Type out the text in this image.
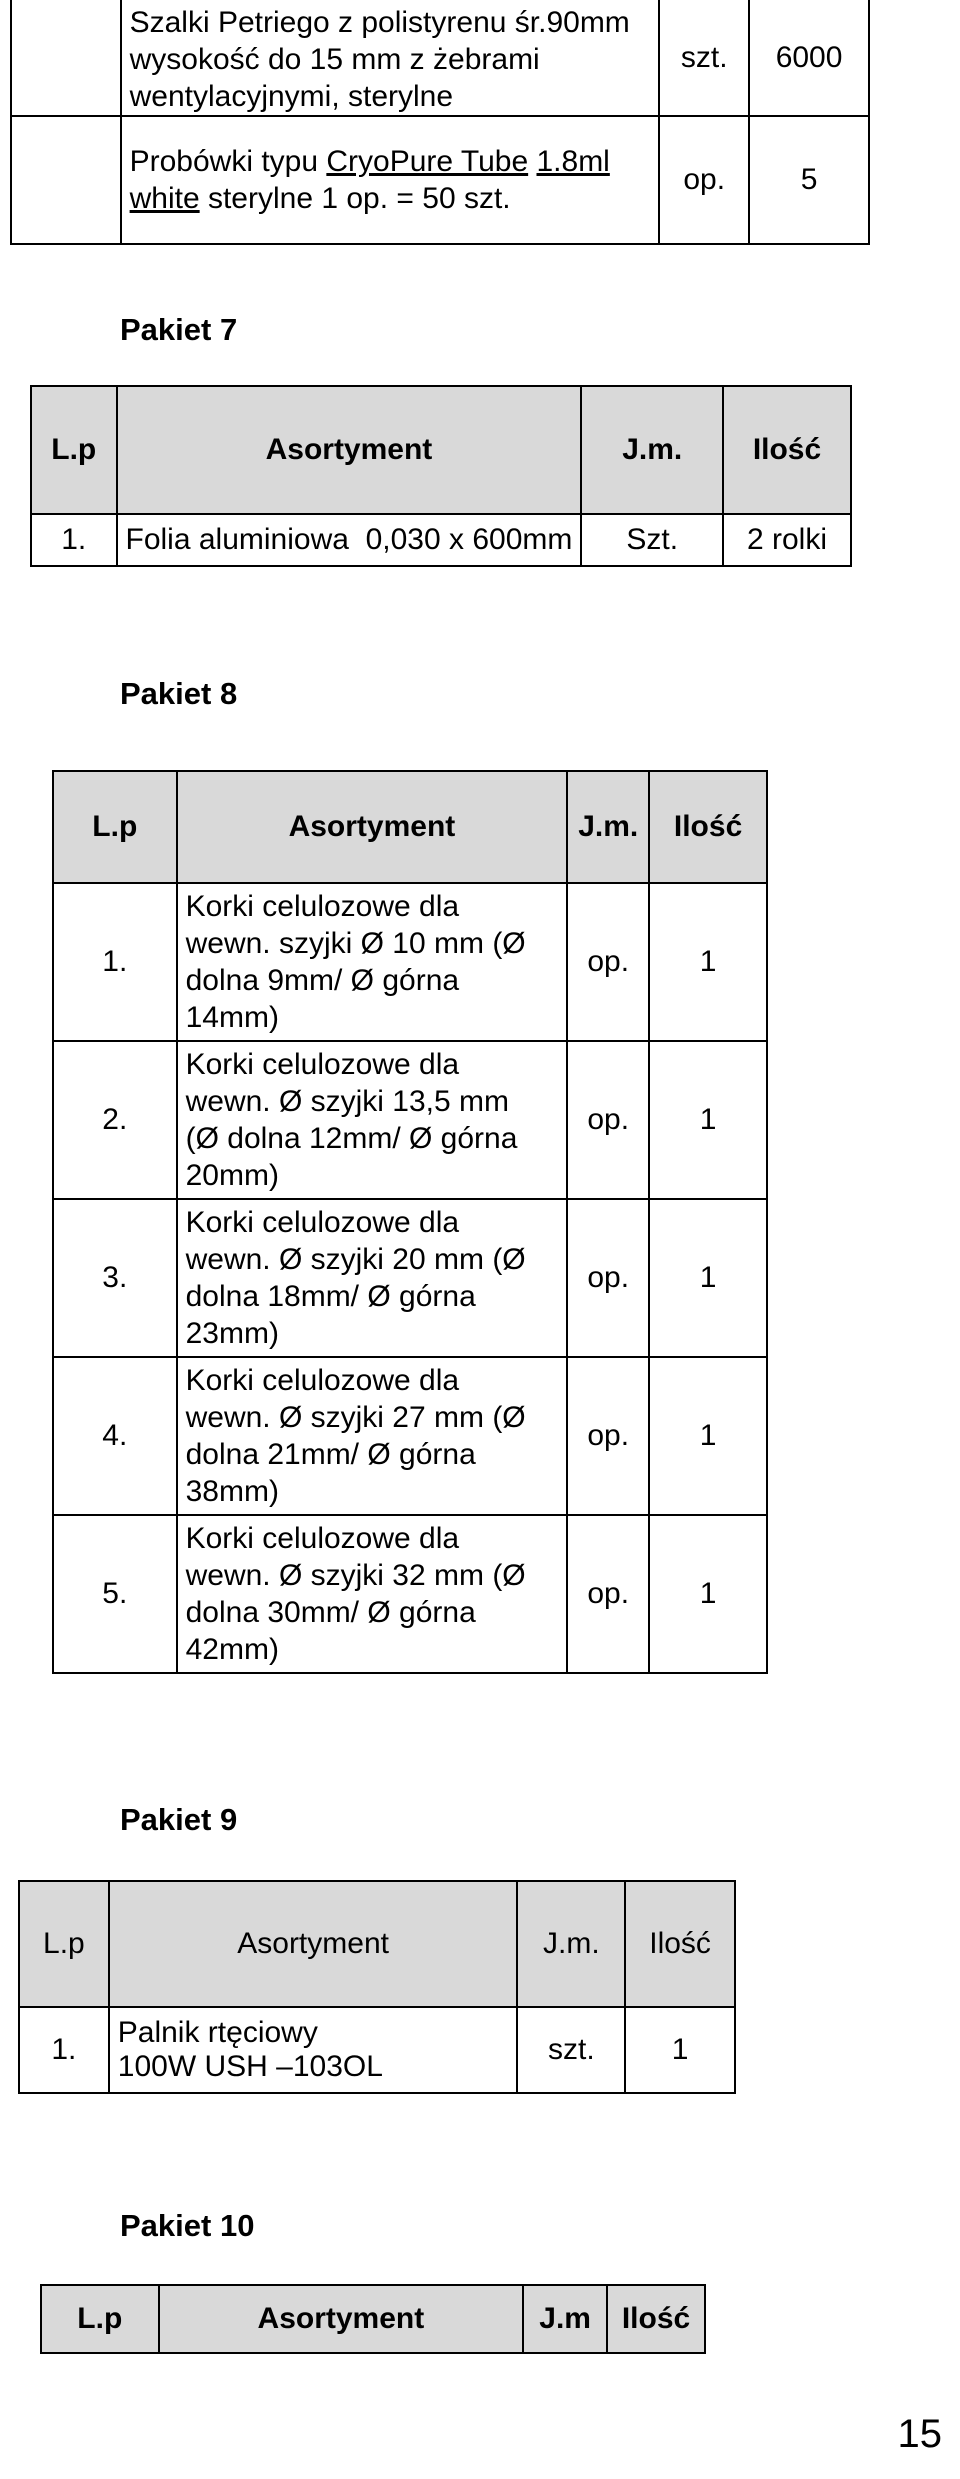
	Szalki Petriego z polistyrenu śr.90mm wysokość do 15 mm z żebrami wentylacyjnymi, sterylne	szt.	6000
	Probówki typu CryoPure Tube 1.8ml white sterylne 1 op. = 50 szt.	op.	5
Pakiet 7
L.p	Asortyment	J.m.	Ilość
1.	Folia aluminiowa  0,030 x 600mm	Szt.	2 rolki
Pakiet 8
L.p	Asortyment	J.m.	Ilość
1.	Korki celulozowe dla wewn. szyjki Ø 10 mm (Ø dolna 9mm/ Ø górna 14mm)	op.	1
2.	Korki celulozowe dla wewn. Ø szyjki 13,5 mm (Ø dolna 12mm/ Ø górna 20mm)	op.	1
3.	Korki celulozowe dla wewn. Ø szyjki 20 mm (Ø dolna 18mm/ Ø górna 23mm)	op.	1
4.	Korki celulozowe dla wewn. Ø szyjki 27 mm (Ø dolna 21mm/ Ø górna 38mm)	op.	1
5.	Korki celulozowe dla wewn. Ø szyjki 32 mm (Ø dolna 30mm/ Ø górna 42mm)	op.	1
Pakiet 9
L.p	Asortyment	J.m.	Ilość
1.	Palnik rtęciowy 100W USH –103OL	szt.	1
Pakiet 10
L.p	Asortyment	J.m	Ilość
15
